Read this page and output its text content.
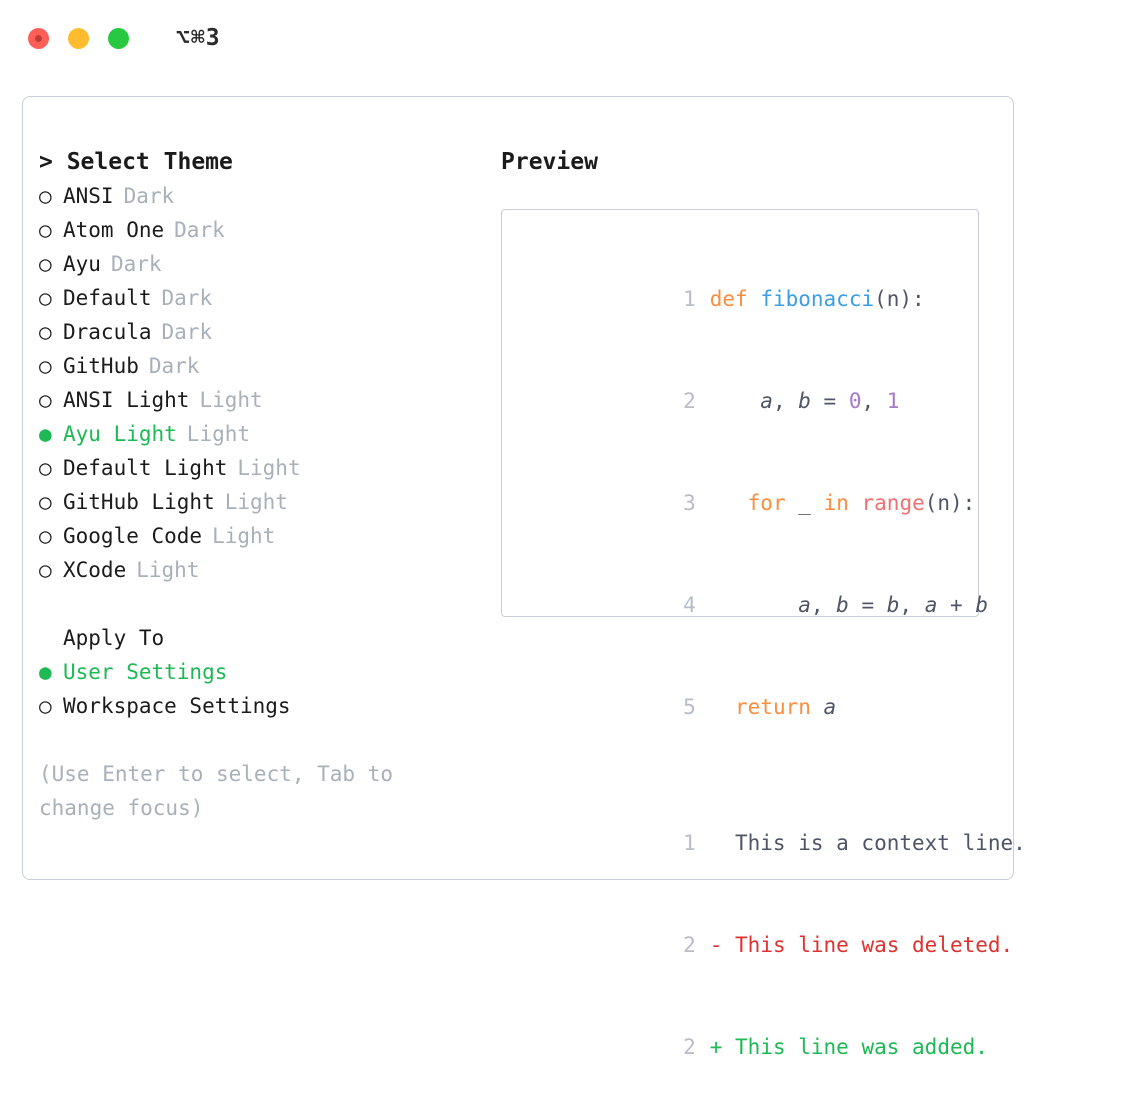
⌥⌘3
> Select Theme
○ ANSI Dark
○ Atom One Dark
○ Ayu Dark
○ Default Dark
○ Dracula Dark
○ GitHub Dark
○ ANSI Light Light
● Ayu Light Light
○ Default Light Light
○ GitHub Light Light
○ Google Code Light
○ XCode Light
Apply To
● User Settings
○ Workspace Settings
(Use Enter to select, Tab to change focus)
Preview

1 def fibonacci(n):

2    a, b = 0, 1

3 for _ in range(n):

4       a, b = b, a + b

5 return a

1  This is a context line.

2 - This line was deleted.

2 + This line was added.
